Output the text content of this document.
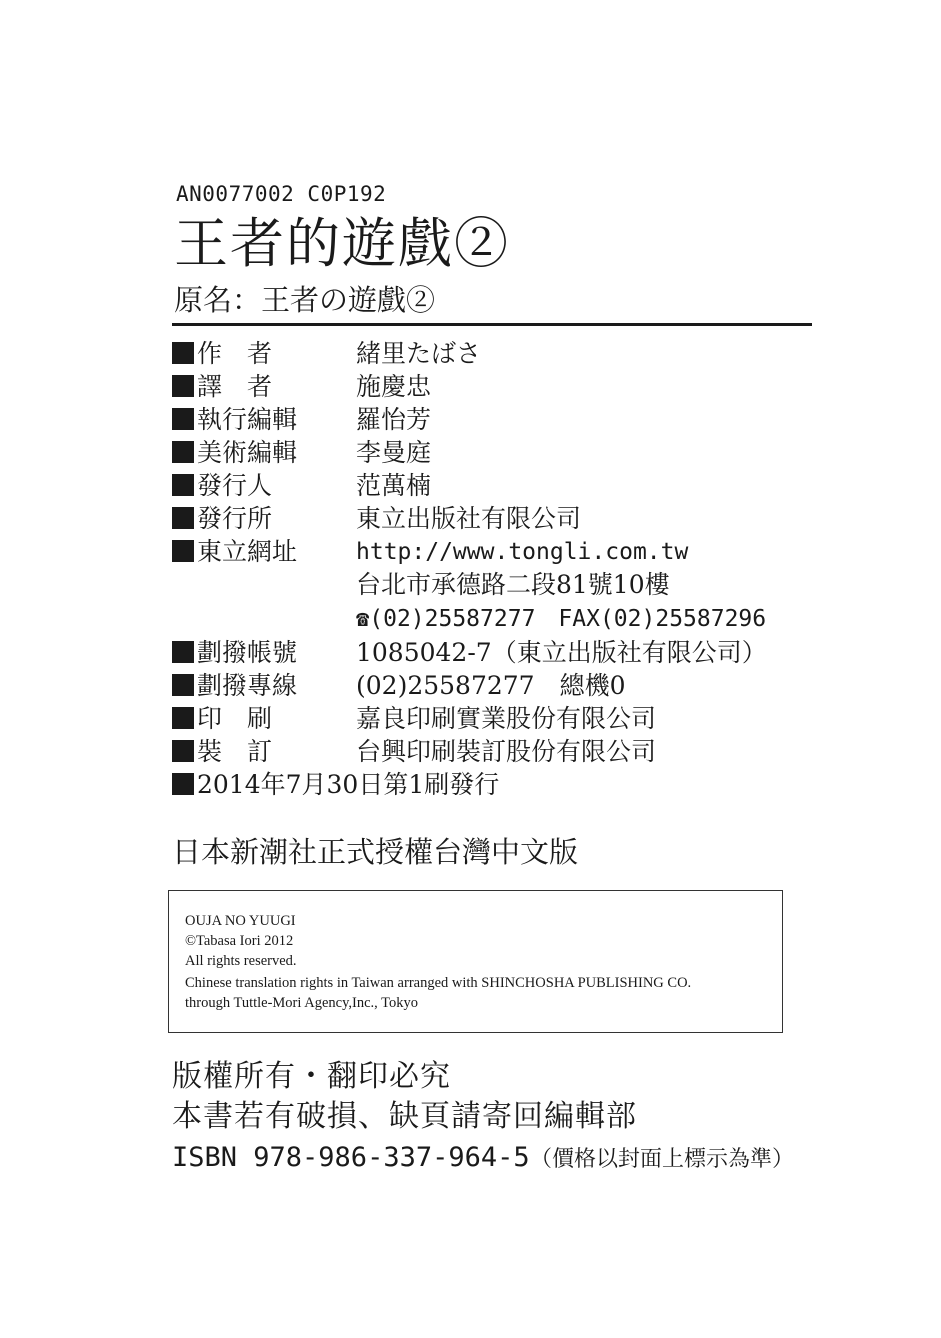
AN0077002 C0P192
王者的遊戲②
原名：王者の遊戲②
作　者	緒里たばさ
譯　者	施慶忠
執行編輯	羅怡芳
美術編輯	李曼庭
發行人	范萬楠
發行所	東立出版社有限公司
東立網址	http://www.tongli.com.tw
台北市承德路二段81號10樓
☎(02)25587277　FAX(02)25587296
劃撥帳號	1085042-7（東立出版社有限公司）
劃撥專線	(02)25587277　總機0
印　刷	嘉良印刷實業股份有限公司
裝　訂	台興印刷裝訂股份有限公司
2014年7月30日第1刷發行
日本新潮社正式授權台灣中文版
OUJA NO YUUGI
©Tabasa Iori 2012
All rights reserved.
Chinese translation rights in Taiwan arranged with SHINCHOSHA PUBLISHING CO.
through Tuttle-Mori Agency,Inc., Tokyo
版權所有・翻印必究
本書若有破損、缺頁請寄回編輯部
ISBN 978-986-337-964-5 （價格以封面上標示為準）
